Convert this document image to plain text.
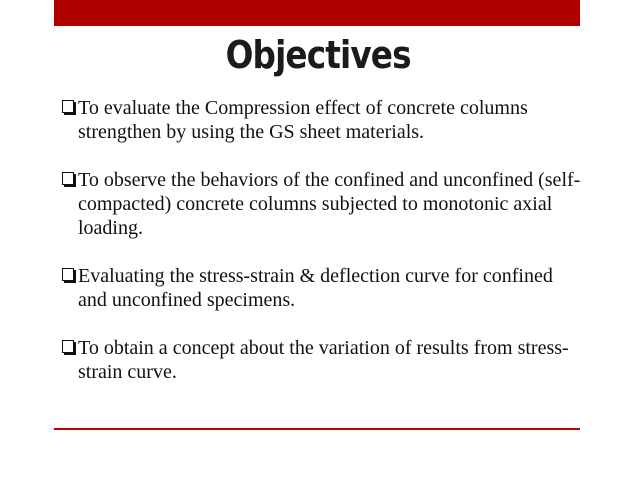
Objectives
To evaluate the Compression effect of concrete columns strengthen by using the GS sheet materials.
To observe the behaviors of the confined and unconfined (self-compacted) concrete columns subjected to monotonic axial loading.
Evaluating the stress-strain & deflection curve for confined and unconfined specimens.
To obtain a concept about the variation of results from stress-strain curve.
